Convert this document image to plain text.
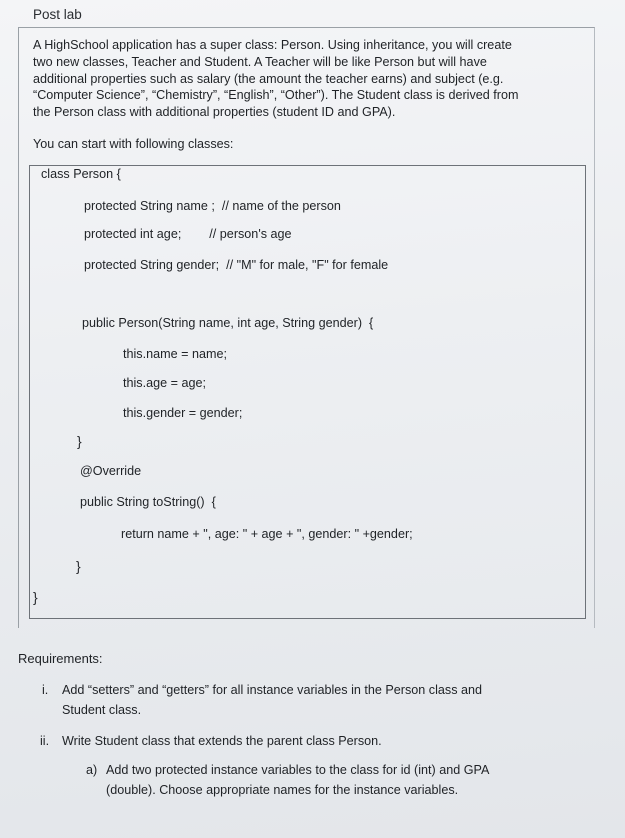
Post lab
A HighSchool application has a super class: Person. Using inheritance, you will create
two new classes, Teacher and Student. A Teacher will be like Person but will have
additional properties such as salary (the amount the teacher earns) and subject (e.g.
“Computer Science”, “Chemistry”, “English”, “Other”). The Student class is derived from
the Person class with additional properties (student ID and GPA).
You can start with following classes:
class Person {
protected String name ;  // name of the person
protected int age;        // person's age
protected String gender;  // "M" for male, "F" for female
public Person(String name, int age, String gender)  {
this.name = name;
this.age = age;
this.gender = gender;
}
@Override
public String toString()  {
return name + ", age: " + age + ", gender: " +gender;
}
}
Requirements:
i. Add “setters” and “getters” for all instance variables in the Person class and
Student class.
ii. Write Student class that extends the parent class Person.
a) Add two protected instance variables to the class for id (int) and GPA
(double). Choose appropriate names for the instance variables.
